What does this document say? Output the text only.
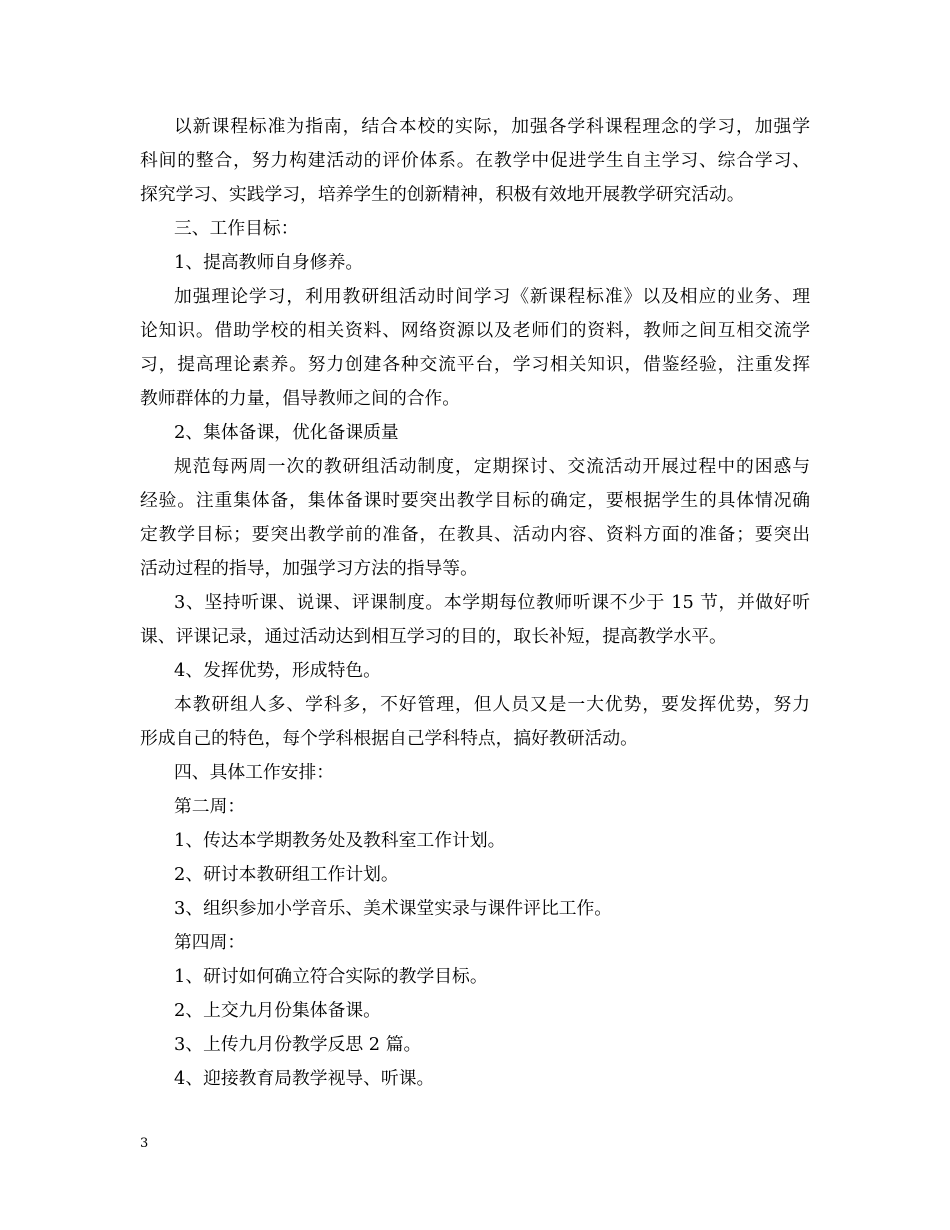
以新课程标准为指南，结合本校的实际，加强各学科课程理念的学习，加强学
科间的整合，努力构建活动的评价体系。在教学中促进学生自主学习、综合学习、
探究学习、实践学习，培养学生的创新精神，积极有效地开展教学研究活动。
三、工作目标：
1、提高教师自身修养。
加强理论学习，利用教研组活动时间学习《新课程标准》以及相应的业务、理
论知识。借助学校的相关资料、网络资源以及老师们的资料，教师之间互相交流学
习，提高理论素养。努力创建各种交流平台，学习相关知识，借鉴经验，注重发挥
教师群体的力量，倡导教师之间的合作。
2、集体备课，优化备课质量
规范每两周一次的教研组活动制度，定期探讨、交流活动开展过程中的困惑与
经验。注重集体备，集体备课时要突出教学目标的确定，要根据学生的具体情况确
定教学目标；要突出教学前的准备，在教具、活动内容、资料方面的准备；要突出
活动过程的指导，加强学习方法的指导等。
3、坚持听课、说课、评课制度。本学期每位教师听课不少于 15 节，并做好听
课、评课记录，通过活动达到相互学习的目的，取长补短，提高教学水平。
4、发挥优势，形成特色。
本教研组人多、学科多，不好管理，但人员又是一大优势，要发挥优势，努力
形成自己的特色，每个学科根据自己学科特点，搞好教研活动。
四、具体工作安排：
第二周：
1、传达本学期教务处及教科室工作计划。
2、研讨本教研组工作计划。
3、组织参加小学音乐、美术课堂实录与课件评比工作。
第四周：
1、研讨如何确立符合实际的教学目标。
2、上交九月份集体备课。
3、上传九月份教学反思 2 篇。
4、迎接教育局教学视导、听课。
3
